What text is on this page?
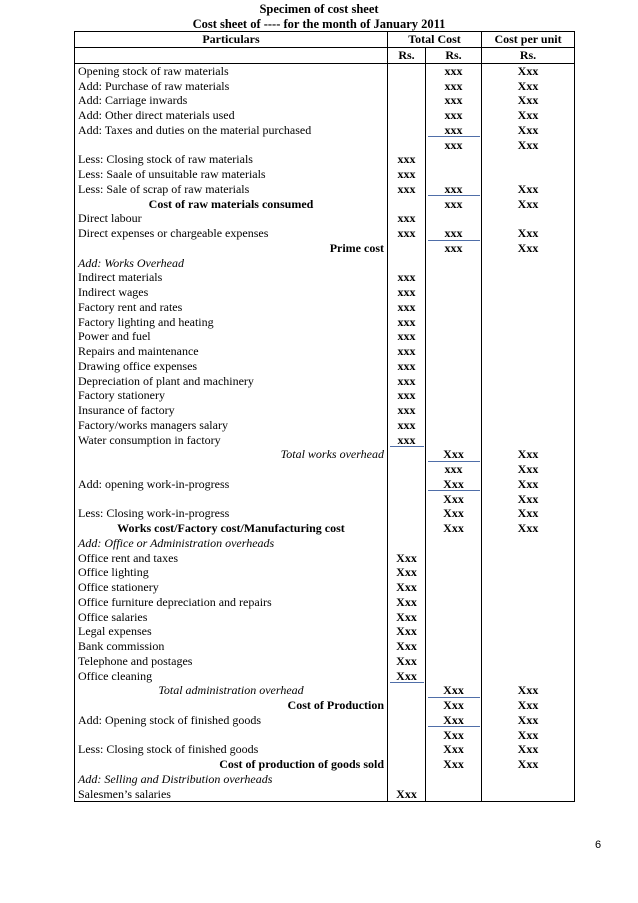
Specimen of cost sheet
Cost sheet of ---- for the month of January 2011
Particulars	Total Cost		Cost per unit
	Rs.	Rs.	Rs.
Opening stock of raw materials		xxx	Xxx
Add: Purchase of raw materials		xxx	Xxx
Add: Carriage inwards		xxx	Xxx
Add: Other direct materials used		xxx	Xxx
Add: Taxes and duties on the material purchased		xxx	Xxx
		xxx	Xxx
Less: Closing stock of raw materials	xxx		
Less: Saale of unsuitable raw materials	xxx		
Less: Sale of scrap of raw materials	xxx	xxx	Xxx
Cost of raw materials consumed		xxx	Xxx
Direct labour	xxx		
Direct expenses or chargeable expenses	xxx	xxx	Xxx
Prime cost		xxx	Xxx
Add: Works Overhead			
Indirect materials	xxx		
Indirect wages	xxx		
Factory rent and rates	xxx		
Factory lighting and heating	xxx		
Power and fuel	xxx		
Repairs and maintenance	xxx		
Drawing office expenses	xxx		
Depreciation of plant and machinery	xxx		
Factory stationery	xxx		
Insurance of factory	xxx		
Factory/works managers salary	xxx		
Water consumption in factory	xxx		
Total works overhead		Xxx	Xxx
		xxx	Xxx
Add: opening work-in-progress		Xxx	Xxx
		Xxx	Xxx
Less: Closing work-in-progress		Xxx	Xxx
Works cost/Factory cost/Manufacturing cost		Xxx	Xxx
Add: Office or Administration overheads			
Office rent and taxes	Xxx		
Office lighting	Xxx		
Office stationery	Xxx		
Office furniture depreciation and repairs	Xxx		
Office salaries	Xxx		
Legal expenses	Xxx		
Bank commission	Xxx		
Telephone and postages	Xxx		
Office cleaning	Xxx		
Total administration overhead		Xxx	Xxx
Cost of Production		Xxx	Xxx
Add: Opening stock of finished goods		Xxx	Xxx
		Xxx	Xxx
Less: Closing stock of finished goods		Xxx	Xxx
Cost of production of goods sold		Xxx	Xxx
Add: Selling and Distribution overheads			
Salesmen’s salaries	Xxx		
6
